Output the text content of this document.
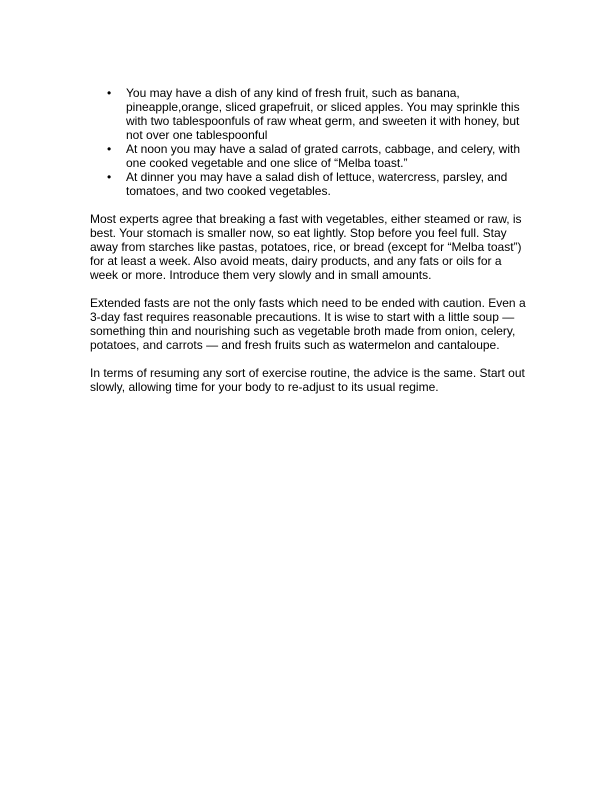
•	You may have a dish of any kind of fresh fruit, such as banana, pineapple,orange, sliced grapefruit, or sliced apples. You may sprinkle this with two tablespoonfuls of raw wheat germ, and sweeten it with honey, but not over one tablespoonful
•	At noon you may have a salad of grated carrots, cabbage, and celery, with one cooked vegetable and one slice of “Melba toast.”
•	At dinner you may have a salad dish of lettuce, watercress, parsley, and tomatoes, and two cooked vegetables.

Most experts agree that breaking a fast with vegetables, either steamed or raw, is best. Your stomach is smaller now, so eat lightly. Stop before you feel full. Stay away from starches like pastas, potatoes, rice, or bread (except for “Melba toast”) for at least a week. Also avoid meats, dairy products, and any fats or oils for a week or more. Introduce them very slowly and in small amounts.

Extended fasts are not the only fasts which need to be ended with caution. Even a 3-day fast requires reasonable precautions. It is wise to start with a little soup — something thin and nourishing such as vegetable broth made from onion, celery, potatoes, and carrots — and fresh fruits such as watermelon and cantaloupe.

In terms of resuming any sort of exercise routine, the advice is the same. Start out slowly, allowing time for your body to re-adjust to its usual regime.
